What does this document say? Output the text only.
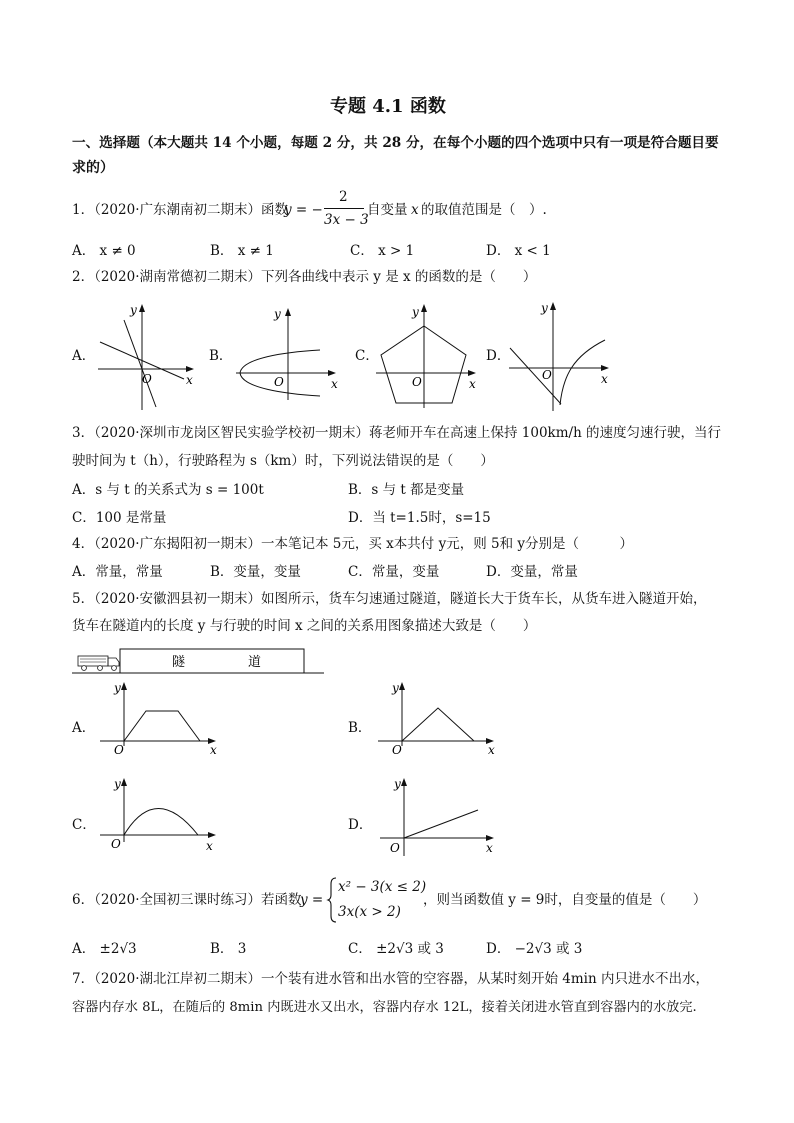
专题 4.1 函数
一、选择题（本大题共 14 个小题，每题 2 分，共 28 分，在每个小题的四个选项中只有一项是符合题目要
求的）
1．（2020·广东潮南初二期末）函数
y = −
2
3x − 3
自变量 x 的取值范围是（　）.
A． x ≠ 0	B． x ≠ 1	C． x > 1	D． x < 1
2．（2020·湖南常德初二期末）下列各曲线中表示 y 是 x 的函数的是（　　）
A．
y
x
O
B．
y
x
O
C．
y
x
O
D．
y
x
O
3．（2020·深圳市龙岗区智民实验学校初一期末）蒋老师开车在高速上保持 100km/h 的速度匀速行驶，当行
驶时间为 t（h），行驶路程为 s（km）时，下列说法错误的是（　　）
A．s 与 t 的关系式为 s = 100t	B．s 与 t 都是变量
C．100 是常量	D．当 t=1.5时，s=15
4．（2020·广东揭阳初一期末）一本笔记本 5元，买 x本共付 y元，则 5和 y分别是（　　　）
A．常量，常量	B．变量，变量	C．常量，变量	D．变量，常量
5．（2020·安徽泗县初一期末）如图所示，货车匀速通过隧道，隧道长大于货车长，从货车进入隧道开始，
货车在隧道内的长度 y 与行驶的时间 x 之间的关系用图象描述大致是（　　）
隧	道
A．
y
x
O
B．
y
x
O
C．
y
x
O
D．
y
x
O
6．（2020·全国初三课时练习）若函数
y =
x² − 3(x ≤ 2)
3x(x > 2)
，则当函数值 y = 9时，自变量的值是（　　）
A． ±2√3	B． 3	C． ±2√3 或 3	D． −2√3 或 3
7．（2020·湖北江岸初二期末）一个装有进水管和出水管的空容器，从某时刻开始 4min 内只进水不出水，
容器内存水 8L，在随后的 8min 内既进水又出水，容器内存水 12L，接着关闭进水管直到容器内的水放完.
